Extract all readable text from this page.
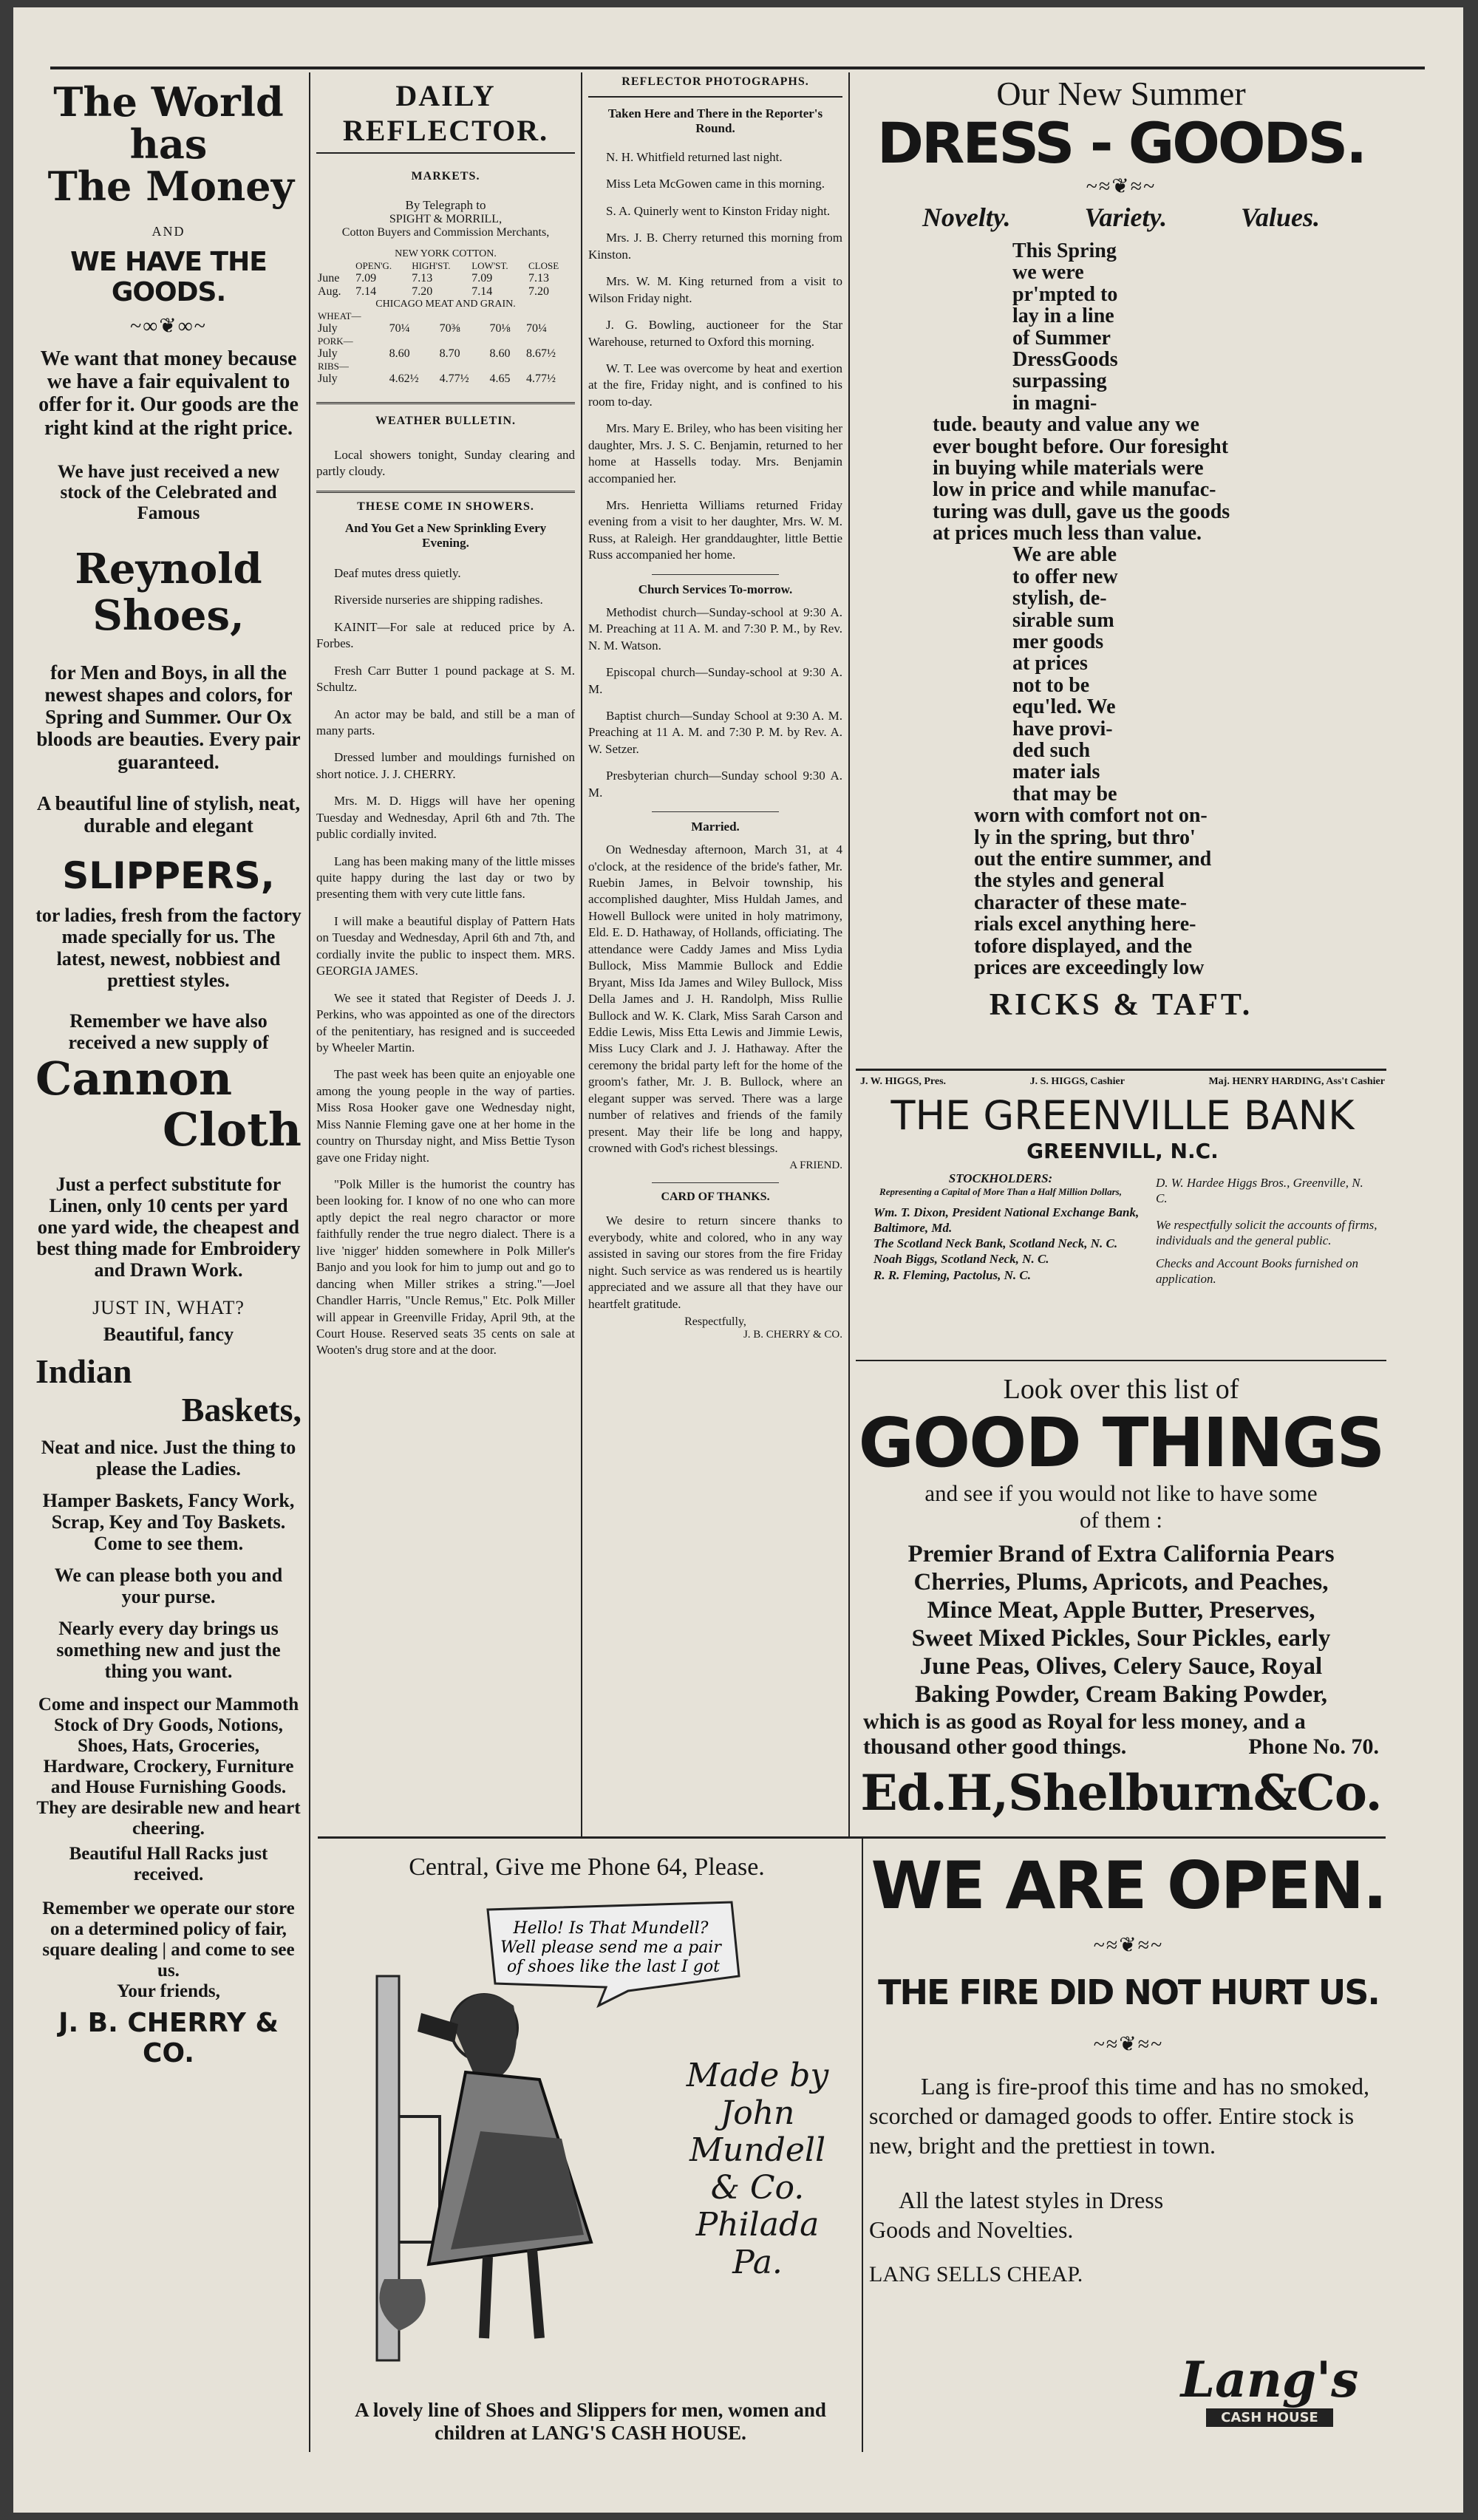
The World has
The Money
AND
WE HAVE THE GOODS.
~∞❦∞~

We want that money because we have a fair equivalent to offer for it. Our goods are the right kind at the right price.

We have just received a new stock of the Celebrated and Famous

Reynold Shoes,

for Men and Boys, in all the newest shapes and colors, for Spring and Summer. Our Ox bloods are beauties. Every pair guaranteed.

A beautiful line of stylish, neat, durable and elegant

SLIPPERS,

tor ladies, fresh from the factory made specially for us. The latest, newest, nobbiest and prettiest styles.

Remember we have also received a new supply of

Cannon
Cloth

Just a perfect substitute for Linen, only 10 cents per yard one yard wide, the cheapest and best thing made for Embroidery and Drawn Work.

JUST IN, WHAT?

Beautiful, fancy

Indian
Baskets,

Neat and nice. Just the thing to please the Ladies.

Hamper Baskets, Fancy Work, Scrap, Key and Toy Baskets. Come to see them.

We can please both you and your purse.

Nearly every day brings us something new and just the thing you want.

Come and inspect our Mammoth Stock of Dry Goods, Notions, Shoes, Hats, Groceries, Hardware, Crockery, Furniture and House Furnishing Goods. They are desirable new and heart cheering.

Beautiful Hall Racks just received.

Remember we operate our store on a determined policy of fair, square dealing | and come to see us.

Your friends,

J. B. CHERRY & CO.
DAILY REFLECTOR.
MARKETS.
By Telegraph to
SPIGHT & MORRILL,
Cotton Buyers and Commission Merchants,
NEW YORK COTTON.
	OPEN'G.	HIGH'ST.	LOW'ST.	CLOSE
June	7.09	7.13	7.09	7.13
Aug.	7.14	7.20	7.14	7.20
CHICAGO MEAT AND GRAIN.
WHEAT—				
July	70¼	70⅜	70⅛	70¼
PORK—				
July	8.60	8.70	8.60	8.67½
RIBS—				
July	4.62½	4.77½	4.65	4.77½
WEATHER BULLETIN.

Local showers tonight, Sunday clearing and partly cloudy.

THESE COME IN SHOWERS.
And You Get a New Sprinkling Every Evening.

Deaf mutes dress quietly.

Riverside nurseries are shipping radishes.

KAINIT—For sale at reduced price by A. Forbes.

Fresh Carr Butter 1 pound package at S. M. Schultz.

An actor may be bald, and still be a man of many parts.

Dressed lumber and mouldings furnished on short notice. J. J. CHERRY.

Mrs. M. D. Higgs will have her opening Tuesday and Wednesday, April 6th and 7th. The public cordially invited.

Lang has been making many of the little misses quite happy during the last day or two by presenting them with very cute little fans.

I will make a beautiful display of Pattern Hats on Tuesday and Wednesday, April 6th and 7th, and cordially invite the public to inspect them. MRS. GEORGIA JAMES.

We see it stated that Register of Deeds J. J. Perkins, who was appointed as one of the directors of the penitentiary, has resigned and is succeeded by Wheeler Martin.

The past week has been quite an enjoyable one among the young people in the way of parties. Miss Rosa Hooker gave one Wednesday night, Miss Nannie Fleming gave one at her home in the country on Thursday night, and Miss Bettie Tyson gave one Friday night.

"Polk Miller is the humorist the country has been looking for. I know of no one who can more aptly depict the real negro charactor or more faithfully render the true negro dialect. There is a live 'nigger' hidden somewhere in Polk Miller's Banjo and you look for him to jump out and go to dancing when Miller strikes a string."—Joel Chandler Harris, "Uncle Remus," Etc. Polk Miller will appear in Greenville Friday, April 9th, at the Court House. Reserved seats 35 cents on sale at Wooten's drug store and at the door.

REFLECTOR PHOTOGRAPHS.
Taken Here and There in the Reporter's Round.

N. H. Whitfield returned last night.

Miss Leta McGowen came in this morning.

S. A. Quinerly went to Kinston Friday night.

Mrs. J. B. Cherry returned this morning from Kinston.

Mrs. W. M. King returned from a visit to Wilson Friday night.

J. G. Bowling, auctioneer for the Star Warehouse, returned to Oxford this morning.

W. T. Lee was overcome by heat and exertion at the fire, Friday night, and is confined to his room to-day.

Mrs. Mary E. Briley, who has been visiting her daughter, Mrs. J. S. C. Benjamin, returned to her home at Hassells today. Mrs. Benjamin accompanied her.

Mrs. Henrietta Williams returned Friday evening from a visit to her daughter, Mrs. W. M. Russ, at Raleigh. Her granddaughter, little Bettie Russ accompanied her home.

Church Services To-morrow.

Methodist church—Sunday-school at 9:30 A. M. Preaching at 11 A. M. and 7:30 P. M., by Rev. N. M. Watson.

Episcopal church—Sunday-school at 9:30 A. M.

Baptist church—Sunday School at 9:30 A. M. Preaching at 11 A. M. and 7:30 P. M. by Rev. A. W. Setzer.

Presbyterian church—Sunday school 9:30 A. M.

Married.

On Wednesday afternoon, March 31, at 4 o'clock, at the residence of the bride's father, Mr. Ruebin James, in Belvoir township, his accomplished daughter, Miss Huldah James, and Howell Bullock were united in holy matrimony, Eld. E. D. Hathaway, of Hollands, officiating. The attendance were Caddy James and Miss Lydia Bullock, Miss Mammie Bullock and Eddie Bryant, Miss Ida James and Wiley Bullock, Miss Della James and J. H. Randolph, Miss Rullie Bullock and W. K. Clark, Miss Sarah Carson and Eddie Lewis, Miss Etta Lewis and Jimmie Lewis, Miss Lucy Clark and J. J. Hathaway. After the ceremony the bridal party left for the home of the groom's father, Mr. J. B. Bullock, where an elegant supper was served. There was a large number of relatives and friends of the family present. May their life be long and happy, crowned with God's richest blessings.

A FRIEND.
CARD OF THANKS.

We desire to return sincere thanks to everybody, white and colored, who in any way assisted in saving our stores from the fire Friday night. Such service as was rendered us is heartily appreciated and we assure all that they have our heartfelt gratitude.

Respectfully,
J. B. CHERRY & CO.
Our New Summer
DRESS - GOODS.
~≈❦≈~
Novelty.	Variety.	Values.
This Spring
we were
pr'mpted to
lay in a line
of Summer
DressGoods
surpassing
in magni-
tude. beauty and value any we
ever bought before. Our foresight
in buying while materials were
low in price and while manufac-
turing was dull, gave us the goods
at prices much less than value.
We are able
to offer new
stylish, de-
sirable sum
mer goods
at prices
not to be
equ'led. We
have provi-
ded such
mater ials
that may be
worn with comfort not on-
ly in the spring, but thro'
out the entire summer, and
the styles and general
character of these mate-
rials excel anything here-
tofore displayed, and the
prices are exceedingly low
RICKS & TAFT.
J. W. HIGGS, Pres.	J. S. HIGGS, Cashier	Maj. HENRY HARDING, Ass't Cashier
THE GREENVILLE BANK
GREENVILL, N.C.
STOCKHOLDERS:
Representing a Capital of More Than a Half Million Dollars,
Wm. T. Dixon, President National Exchange Bank, Baltimore, Md.
The Scotland Neck Bank, Scotland Neck, N. C.
Noah Biggs, Scotland Neck, N. C.
R. R. Fleming, Pactolus, N. C.
D. W. Hardee Higgs Bros., Greenville, N. C.
We respectfully solicit the accounts of firms, individuals and the general public.
Checks and Account Books furnished on application.
Look over this list of
GOOD THINGS
and see if you would not like to have some
of them :
Premier Brand of Extra California Pears
Cherries, Plums, Apricots, and Peaches,
Mince Meat, Apple Butter, Preserves,
Sweet Mixed Pickles, Sour Pickles, early
June Peas, Olives, Celery Sauce, Royal
Baking Powder, Cream Baking Powder,
which is as good as Royal for less money, and a
thousand other good things.	Phone No. 70.
Ed.H,Shelburn&Co.
Central, Give me Phone 64, Please.
Hello! Is That Mundell? Well please send me a pair of shoes like the last I got
Made by
John Mundell
& Co.
Philada
Pa.
A lovely line of Shoes and Slippers for men, women and children at LANG'S CASH HOUSE.
WE ARE OPEN.
~≈❦≈~
THE FIRE DID NOT HURT US.
~≈❦≈~

Lang is fire-proof this time and has no smoked, scorched or damaged goods to offer. Entire stock is new, bright and the prettiest in town.

All the latest styles in Dress Goods and Novelties.

LANG SELLS CHEAP.

Lang's
CASH HOUSE
